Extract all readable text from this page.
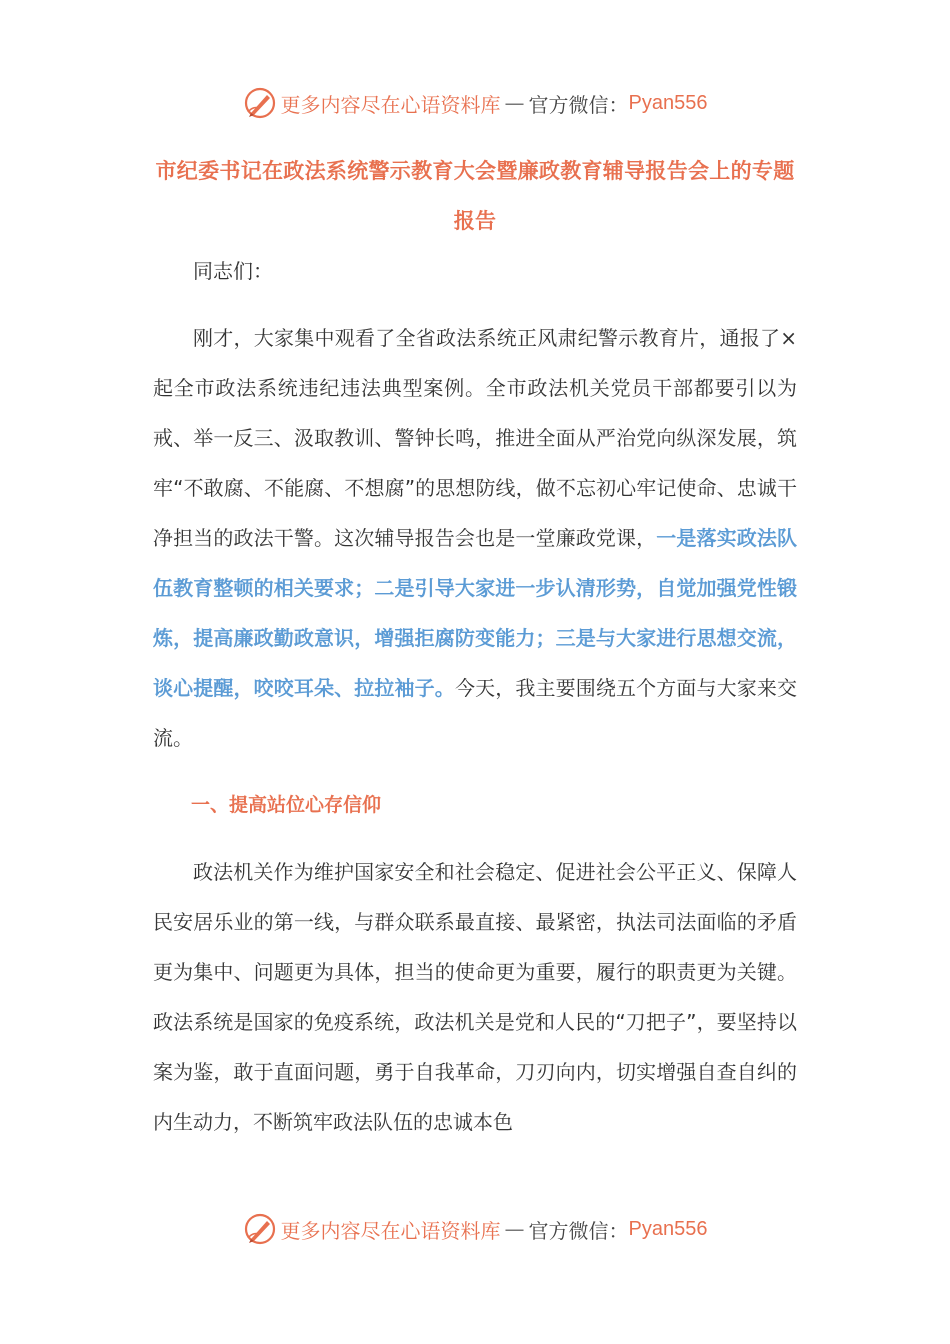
更多内容尽在心语资料库 — 官方微信： Pyan556
市纪委书记在政法系统警示教育大会暨廉政教育辅导报告会上的专题报告

同志们：

刚才，大家集中观看了全省政法系统正风肃纪警示教育片，通报了×起全市政法系统违纪违法典型案例。全市政法机关党员干部都要引以为戒、举一反三、汲取教训、警钟长鸣，推进全面从严治党向纵深发展，筑牢“不敢腐、不能腐、不想腐”的思想防线，做不忘初心牢记使命、忠诚干净担当的政法干警。这次辅导报告会也是一堂廉政党课，一是落实政法队伍教育整顿的相关要求；二是引导大家进一步认清形势，自觉加强党性锻炼，提高廉政勤政意识，增强拒腐防变能力；三是与大家进行思想交流，谈心提醒，咬咬耳朵、拉拉袖子。今天，我主要围绕五个方面与大家来交流。

一、提高站位心存信仰

政法机关作为维护国家安全和社会稳定、促进社会公平正义、保障人民安居乐业的第一线，与群众联系最直接、最紧密，执法司法面临的矛盾更为集中、问题更为具体，担当的使命更为重要，履行的职责更为关键。政法系统是国家的免疫系统，政法机关是党和人民的“刀把子”，要坚持以案为鉴，敢于直面问题，勇于自我革命，刀刃向内，切实增强自查自纠的内生动力，不断筑牢政法队伍的忠诚本色

更多内容尽在心语资料库 — 官方微信： Pyan556
